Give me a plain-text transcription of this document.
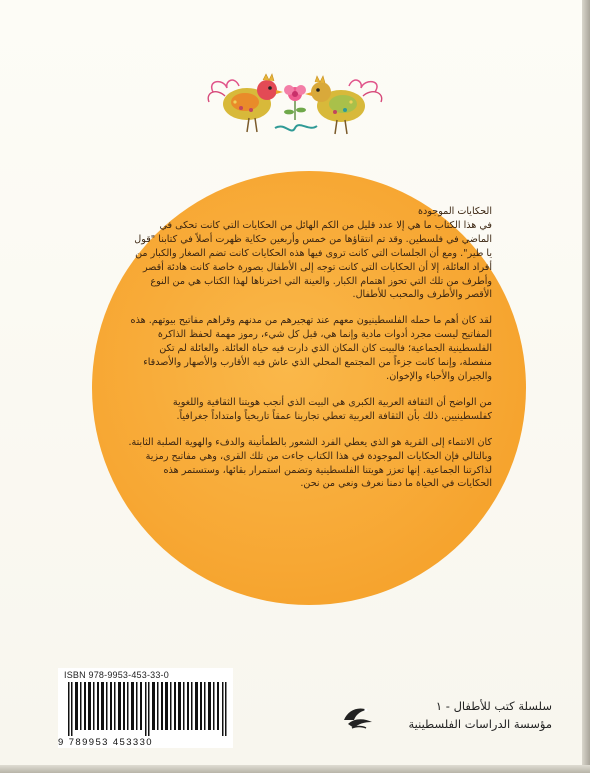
الحكايات الموجودة

في هذا الكتاب ما هي إلا عدد قليل من الكم الهائل من الحكايات التي كانت تحكى في الماضي في فلسطين. وقد تم انتقاؤها من خمس وأربعين حكاية ظهرت أصلاً في كتابنا "قول يا طير". ومع أن الجلسات التي كانت تروى فيها هذه الحكايات كانت تضم الصغار والكبار من أفراد العائلة، إلا أن الحكايات التي كانت توجه إلى الأطفال بصورة خاصة كانت هادئة أقصر وأطرف من تلك التي تحوز اهتمام الكبار. والعينة التي اخترناها لهذا الكتاب هي من النوع الأقصر والأطرف والمحبب للأطفال.

لقد كان أهم ما حمله الفلسطينيون معهم عند تهجيرهم من مدنهم وقراهم مفاتيح بيوتهم. هذه المفاتيح ليست مجرد أدوات مادية وإنما هي، قبل كل شيء، رموز مهمة لحفظ الذاكرة الفلسطينية الجماعية؛ فالبيت كان المكان الذي دارت فيه حياة العائلة. والعائلة لم تكن منفصلة، وإنما كانت جزءاً من المجتمع المحلي الذي عاش فيه الأقارب والأصهار والأصدقاء والجيران والأحباء والإخوان.

من الواضح أن الثقافة العربية الكبرى هي البيت الذي أنجب هويتنا الثقافية واللغوية كفلسطينيين. ذلك بأن الثقافة العربية تعطي تجاربنا عمقاً تاريخياً وامتداداً جغرافياً.

كان الانتماء إلى القرية هو الذي يعطي الفرد الشعور بالطمأنينة والدفء والهوية الصلبة الثابتة. وبالتالي فإن الحكايات الموجودة في هذا الكتاب جاءت من تلك القرى، وهي مفاتيح رمزية لذاكرتنا الجماعية. إنها تعزز هويتنا الفلسطينية وتضمن استمرار بقائها، وستستمر هذه الحكايات في الحياة ما دمنا نعرف ونعي من نحن.

ISBN 978-9953-453-33-0
9 789953 453330
سلسلة كتب للأطفال - ١
مؤسسة الدراسات الفلسطينية
